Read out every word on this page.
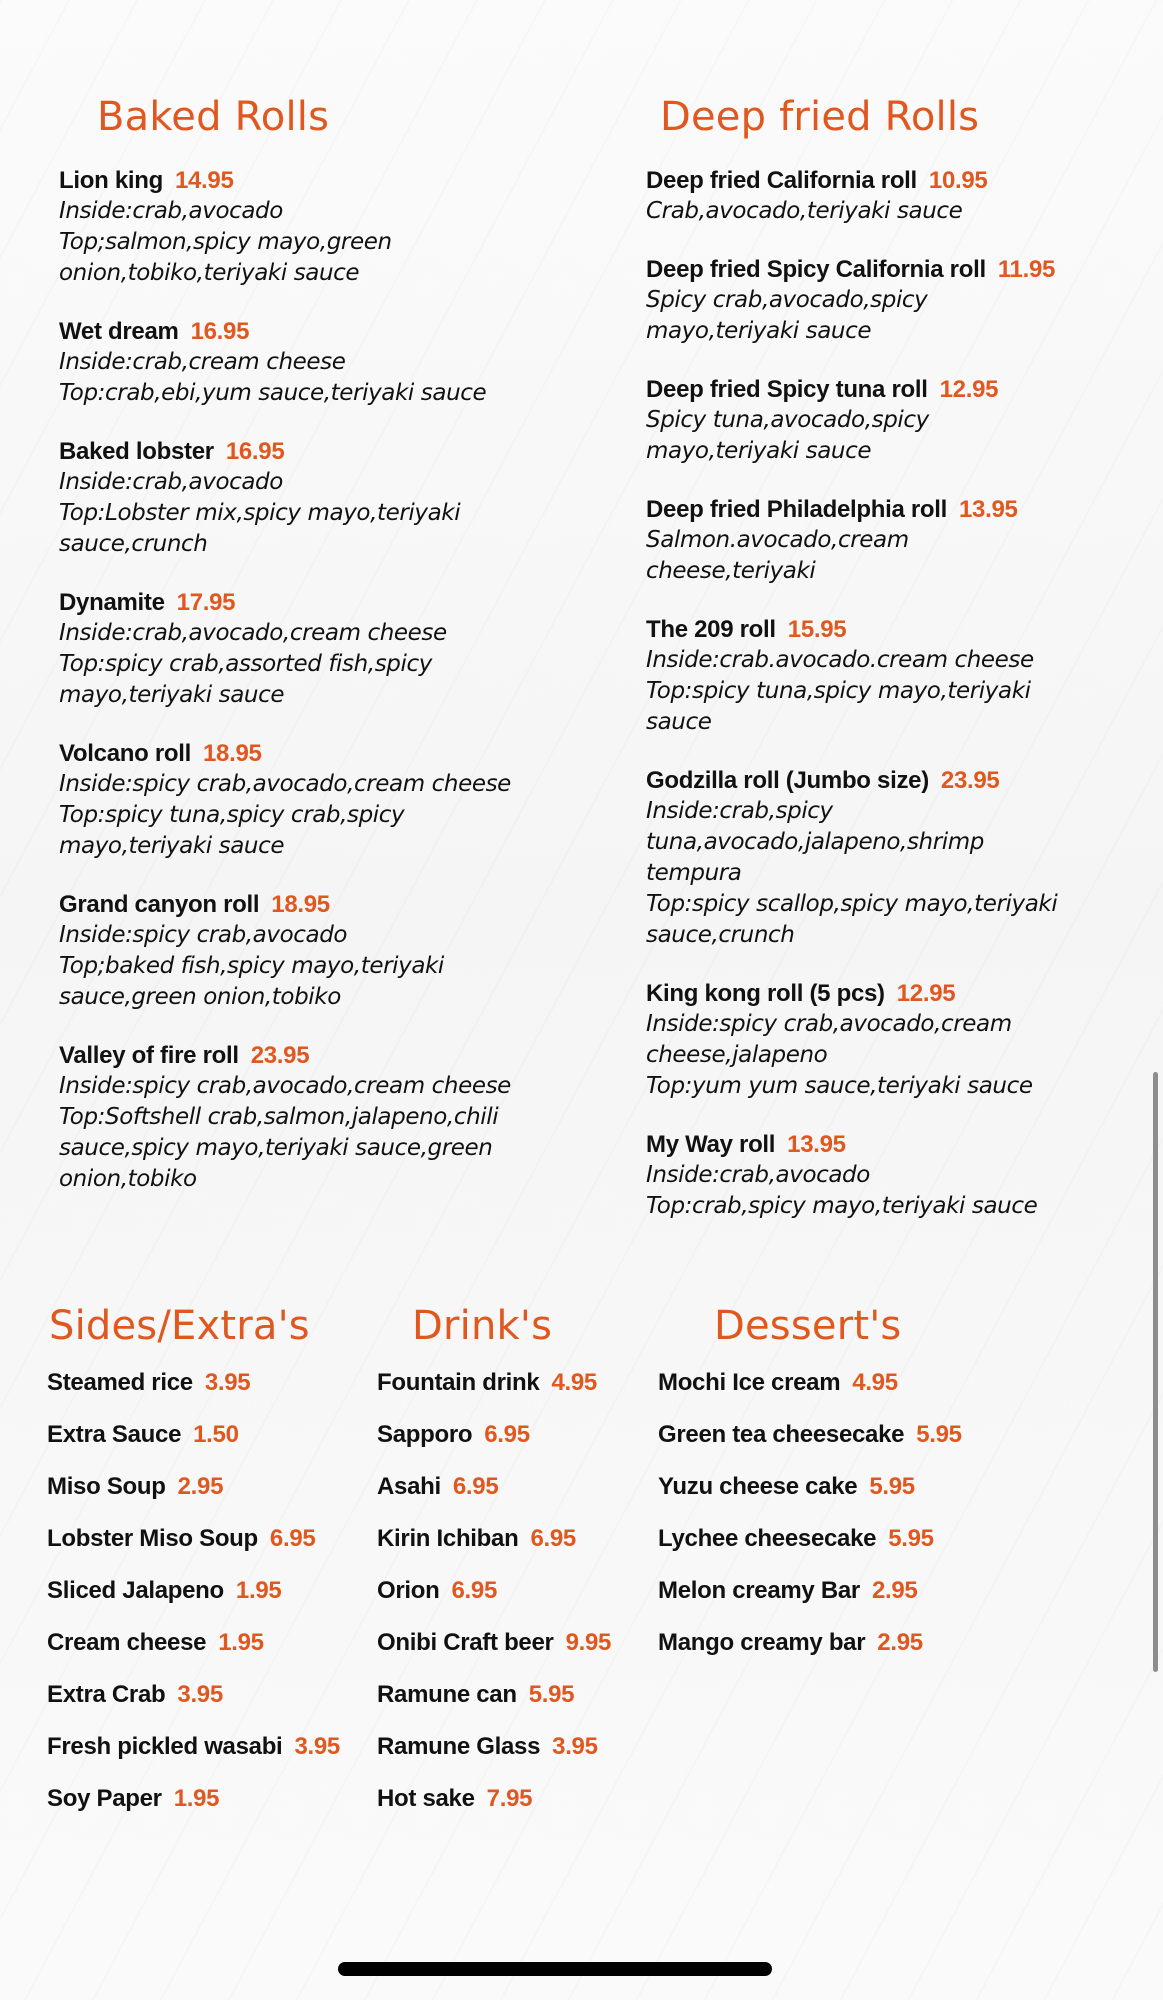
Baked Rolls
Lion king 14.95
Inside:crab,avocado
Top;salmon,spicy mayo,green
onion,tobiko,teriyaki sauce
Wet dream 16.95
Inside:crab,cream cheese
Top:crab,ebi,yum sauce,teriyaki sauce
Baked lobster 16.95
Inside:crab,avocado
Top:Lobster mix,spicy mayo,teriyaki
sauce,crunch
Dynamite 17.95
Inside:crab,avocado,cream cheese
Top:spicy crab,assorted fish,spicy
mayo,teriyaki sauce
Volcano roll 18.95
Inside:spicy crab,avocado,cream cheese
Top:spicy tuna,spicy crab,spicy
mayo,teriyaki sauce
Grand canyon roll 18.95
Inside:spicy crab,avocado
Top;baked fish,spicy mayo,teriyaki
sauce,green onion,tobiko
Valley of fire roll 23.95
Inside:spicy crab,avocado,cream cheese
Top:Softshell crab,salmon,jalapeno,chili
sauce,spicy mayo,teriyaki sauce,green
onion,tobiko
Deep fried Rolls
Deep fried California roll 10.95
Crab,avocado,teriyaki sauce
Deep fried Spicy California roll 11.95
Spicy crab,avocado,spicy
mayo,teriyaki sauce
Deep fried Spicy tuna roll 12.95
Spicy tuna,avocado,spicy
mayo,teriyaki sauce
Deep fried Philadelphia roll 13.95
Salmon.avocado,cream
cheese,teriyaki
The 209 roll 15.95
Inside:crab.avocado.cream cheese
Top:spicy tuna,spicy mayo,teriyaki
sauce
Godzilla roll (Jumbo size) 23.95
Inside:crab,spicy
tuna,avocado,jalapeno,shrimp
tempura
Top:spicy scallop,spicy mayo,teriyaki
sauce,crunch
King kong roll (5 pcs) 12.95
Inside:spicy crab,avocado,cream
cheese,jalapeno
Top:yum yum sauce,teriyaki sauce
My Way roll 13.95
Inside:crab,avocado
Top:crab,spicy mayo,teriyaki sauce
Sides/Extra's
Steamed rice 3.95
Extra Sauce 1.50
Miso Soup 2.95
Lobster Miso Soup 6.95
Sliced Jalapeno 1.95
Cream cheese 1.95
Extra Crab 3.95
Fresh pickled wasabi 3.95
Soy Paper 1.95
Drink's
Fountain drink 4.95
Sapporo 6.95
Asahi 6.95
Kirin Ichiban 6.95
Orion 6.95
Onibi Craft beer 9.95
Ramune can 5.95
Ramune Glass 3.95
Hot sake 7.95
Dessert's
Mochi Ice cream 4.95
Green tea cheesecake 5.95
Yuzu cheese cake 5.95
Lychee cheesecake 5.95
Melon creamy Bar 2.95
Mango creamy bar 2.95
